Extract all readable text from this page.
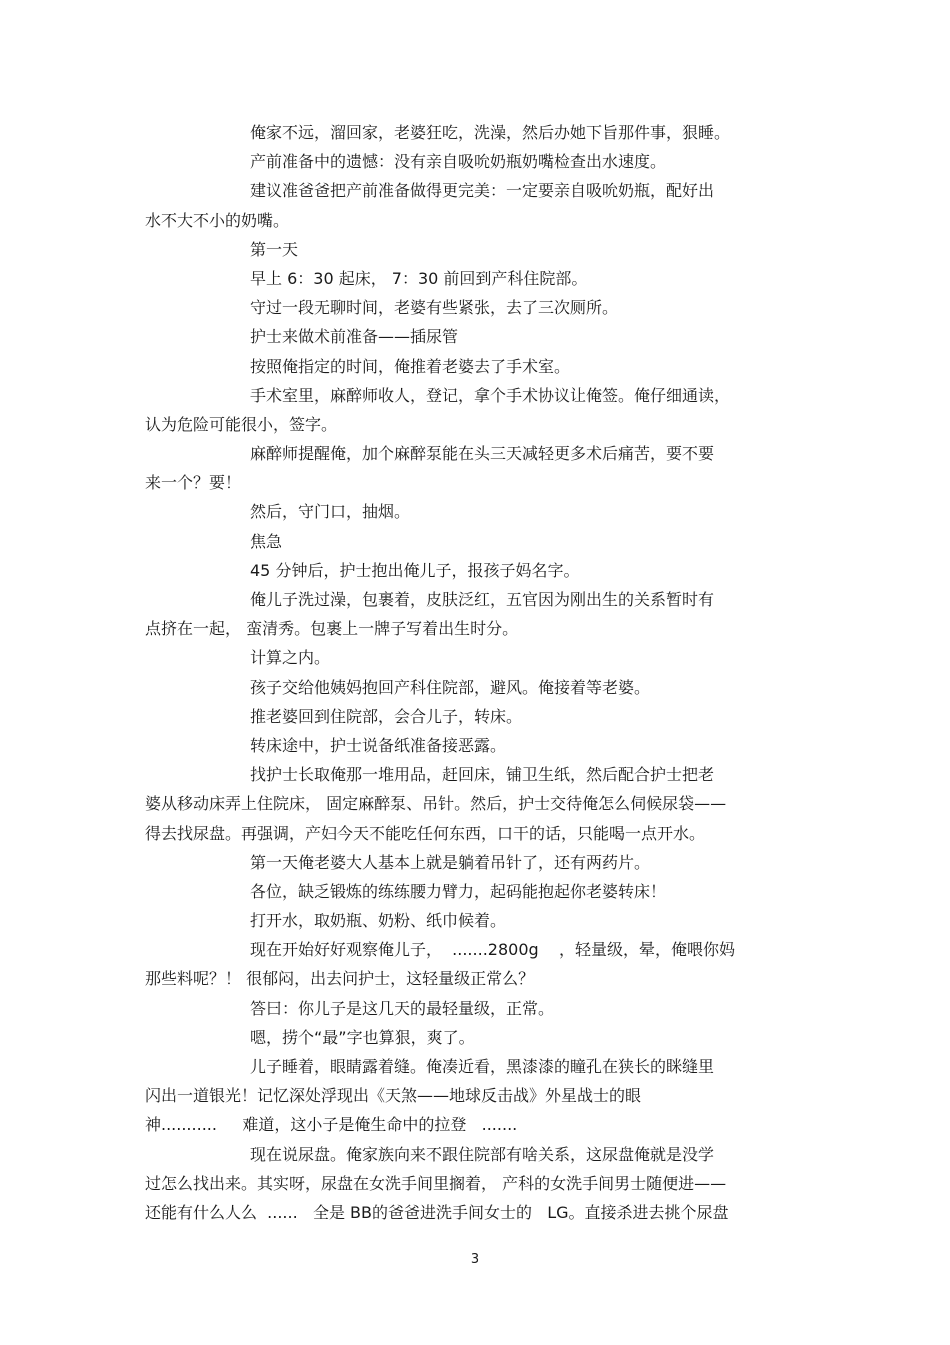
俺家不远，溜回家，老婆狂吃，洗澡，然后办她下旨那件事，狠睡。
产前准备中的遗憾：没有亲自吸吮奶瓶奶嘴检查出水速度。
建议准爸爸把产前准备做得更完美：一定要亲自吸吮奶瓶，配好出
水不大不小的奶嘴。
第一天
早上 6：30 起床， 7：30 前回到产科住院部。
守过一段无聊时间，老婆有些紧张，去了三次厕所。
护士来做术前准备——插尿管
按照俺指定的时间，俺推着老婆去了手术室。
手术室里，麻醉师收人，登记，拿个手术协议让俺签。俺仔细通读，
认为危险可能很小，签字。
麻醉师提醒俺，加个麻醉泵能在头三天减轻更多术后痛苦，要不要
来一个？要！
然后，守门口，抽烟。
焦急
45 分钟后，护士抱出俺儿子，报孩子妈名字。
俺儿子洗过澡，包裹着，皮肤泛红，五官因为刚出生的关系暂时有
点挤在一起， 蛮清秀。包裹上一牌子写着出生时分。
计算之内。
孩子交给他姨妈抱回产科住院部，避风。俺接着等老婆。
推老婆回到住院部，会合儿子，转床。
转床途中，护士说备纸准备接恶露。
找护士长取俺那一堆用品，赶回床，铺卫生纸，然后配合护士把老
婆从移动床弄上住院床， 固定麻醉泵、吊针。然后，护士交待俺怎么伺候尿袋——
得去找尿盘。再强调，产妇今天不能吃任何东西，口干的话，只能喝一点开水。
第一天俺老婆大人基本上就是躺着吊针了，还有两药片。
各位，缺乏锻炼的练练腰力臂力，起码能抱起你老婆转床！
打开水，取奶瓶、奶粉、纸巾候着。
现在开始好好观察俺儿子，  .......2800g    ，轻量级，晕，俺喂你妈
那些料呢？！ 很郁闷，出去问护士，这轻量级正常么？
答曰：你儿子是这几天的最轻量级，正常。
嗯，捞个“最”字也算狠，爽了。
儿子睡着，眼睛露着缝。俺凑近看，黑漆漆的瞳孔在狭长的眯缝里
闪出一道银光！记忆深处浮现出《天煞——地球反击战》外星战士的眼
神...........     难道，这小子是俺生命中的拉登   .......
现在说尿盘。俺家族向来不跟住院部有啥关系，这尿盘俺就是没学
过怎么找出来。其实呀，尿盘在女洗手间里搁着， 产科的女洗手间男士随便进——
还能有什么人么  ......   全是 BB的爸爸进洗手间女士的   LG。直接杀进去挑个尿盘
3
